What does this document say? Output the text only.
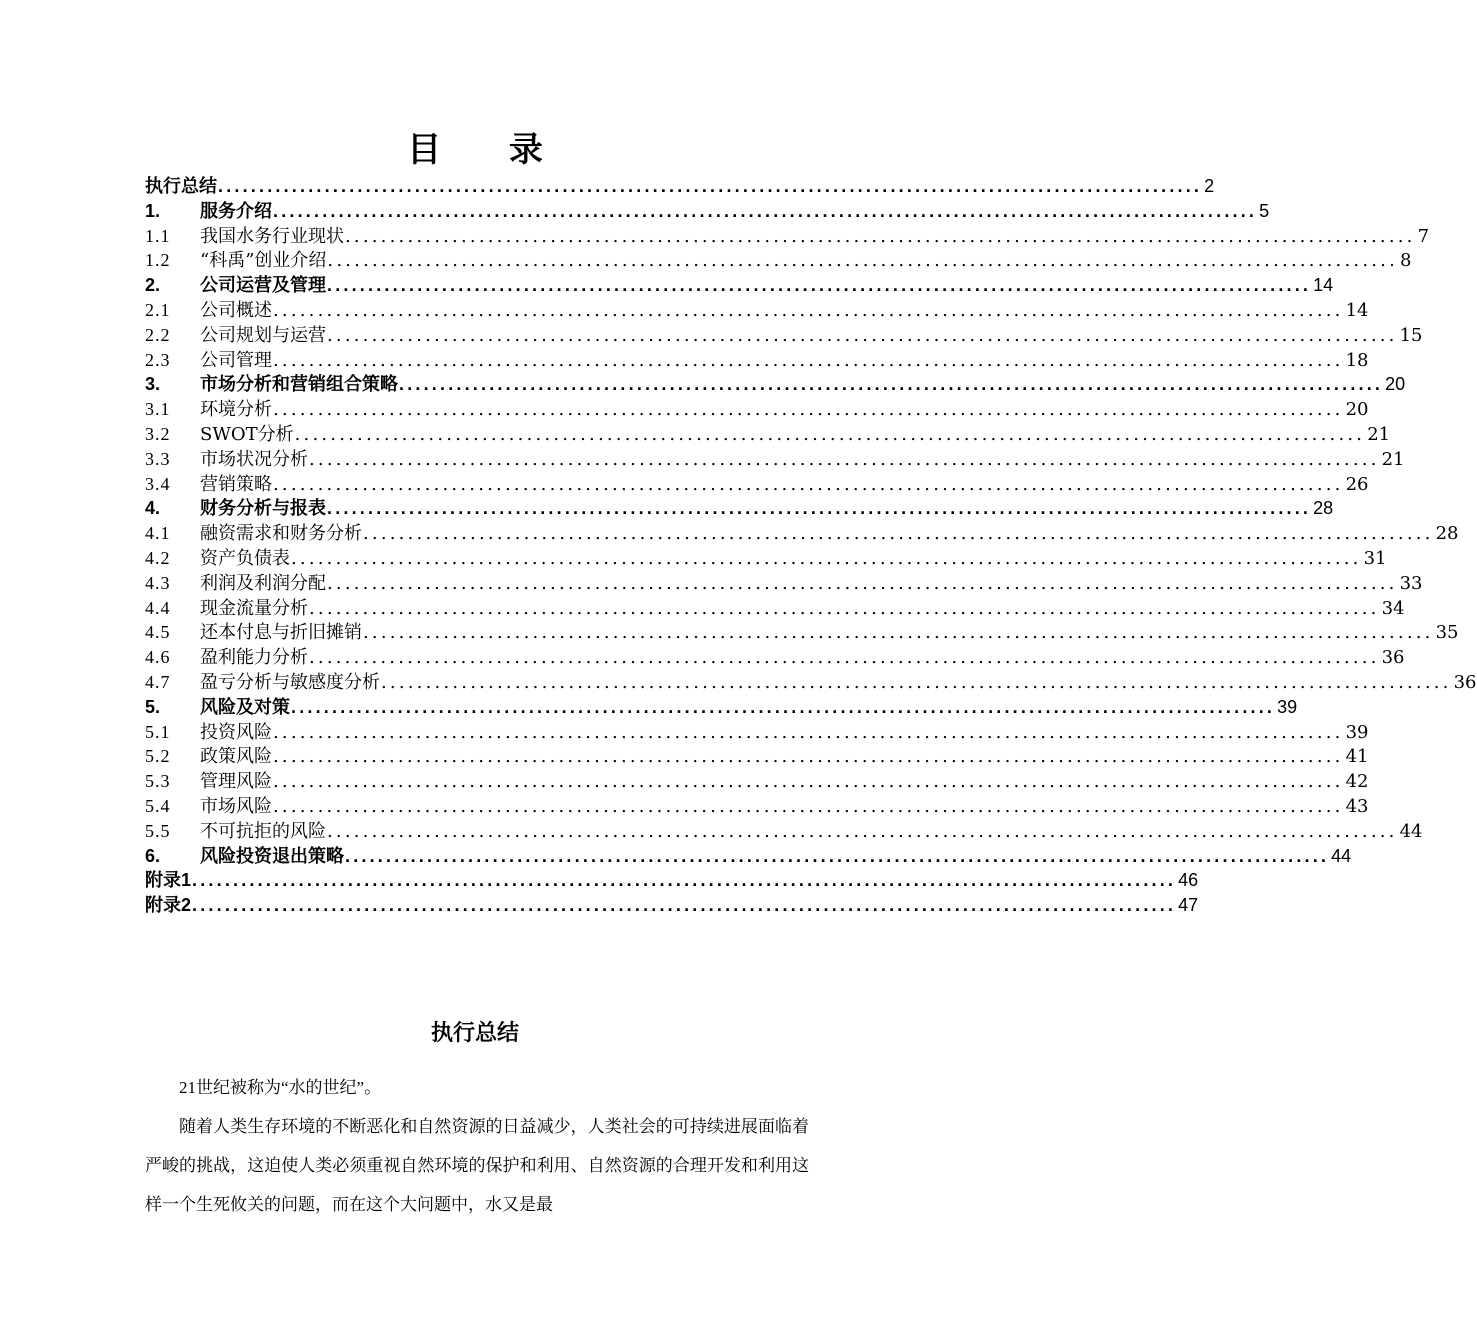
目 录
执行总结 ........................................................................................................................ 2
1.	服务介绍 ........................................................................................................................ 5
1.1	我国水务行业现状 ........................................................................................................................ 7
1.2	“科禹”创业介绍 ........................................................................................................................ 8
2.	公司运营及管理 ........................................................................................................................ 14
2.1	公司概述 ........................................................................................................................ 14
2.2	公司规划与运营 ........................................................................................................................ 15
2.3	公司管理 ........................................................................................................................ 18
3.	市场分析和营销组合策略 ........................................................................................................................ 20
3.1	环境分析 ........................................................................................................................ 20
3.2	SWOT分析 ........................................................................................................................ 21
3.3	市场状况分析 ........................................................................................................................ 21
3.4	营销策略 ........................................................................................................................ 26
4.	财务分析与报表 ........................................................................................................................ 28
4.1	融资需求和财务分析 ........................................................................................................................ 28
4.2	资产负债表 ........................................................................................................................ 31
4.3	利润及利润分配 ........................................................................................................................ 33
4.4	现金流量分析 ........................................................................................................................ 34
4.5	还本付息与折旧摊销 ........................................................................................................................ 35
4.6	盈利能力分析 ........................................................................................................................ 36
4.7	盈亏分析与敏感度分析 ........................................................................................................................ 36
5.	风险及对策 ........................................................................................................................ 39
5.1	投资风险 ........................................................................................................................ 39
5.2	政策风险 ........................................................................................................................ 41
5.3	管理风险 ........................................................................................................................ 42
5.4	市场风险 ........................................................................................................................ 43
5.5	不可抗拒的风险 ........................................................................................................................ 44
6.	风险投资退出策略 ........................................................................................................................ 44
附录1 ........................................................................................................................ 46
附录2 ........................................................................................................................ 47
执行总结

21世纪被称为“水的世纪”。

随着人类生存环境的不断恶化和自然资源的日益减少，人类社会的可持续进展面临着严峻的挑战，这迫使人类必须重视自然环境的保护和利用、自然资源的合理开发和利用这样一个生死攸关的问题，而在这个大问题中，水又是最
